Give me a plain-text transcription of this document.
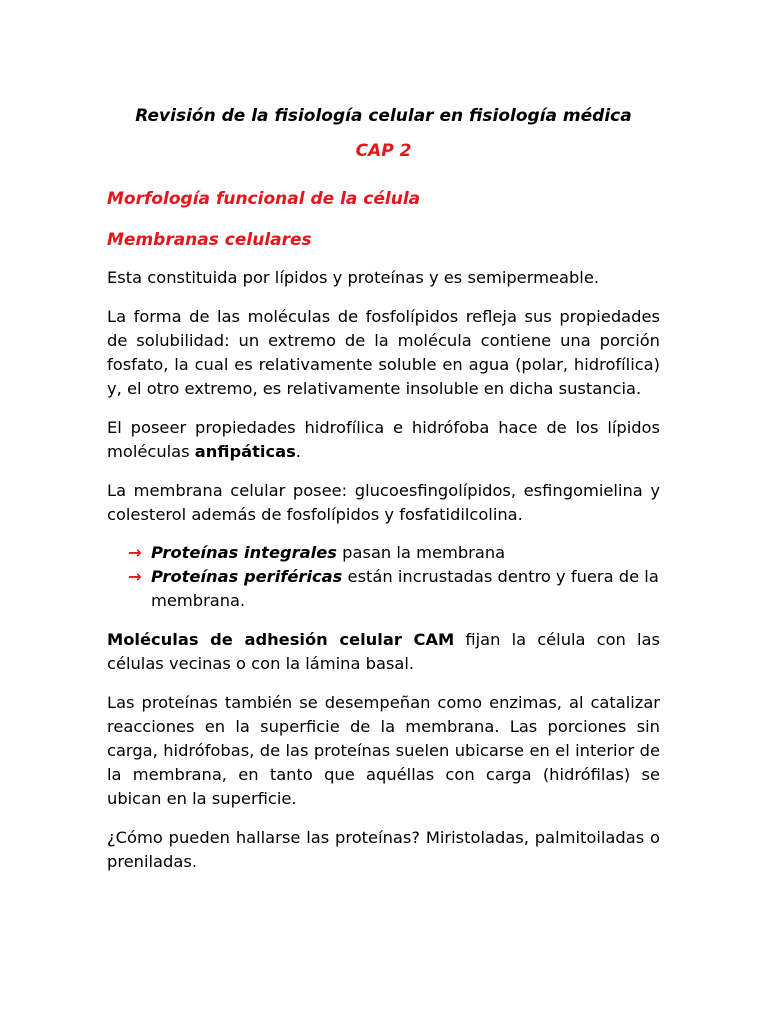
Revisión de la fisiología celular en fisiología médica
CAP 2
Morfología funcional de la célula
Membranas celulares

Esta constituida por lípidos y proteínas y es semipermeable.

La forma de las moléculas de fosfolípidos refleja sus propiedades de solubilidad: un extremo de la molécula contiene una porción fosfato, la cual es relativamente soluble en agua (polar, hidrofílica) y, el otro extremo, es relativamente insoluble en dicha sustancia.

El poseer propiedades hidrofílica e hidrófoba hace de los lípidos moléculas anfipáticas.

La membrana celular posee: glucoesfingolípidos, esfingomielina y colesterol además de fosfolípidos y fosfatidilcolina.

→ Proteínas integrales pasan la membrana
→ Proteínas periféricas están incrustadas dentro y fuera de la membrana.

Moléculas de adhesión celular CAM fijan la célula con las células vecinas o con la lámina basal.

Las proteínas también se desempeñan como enzimas, al catalizar reacciones en la superficie de la membrana. Las porciones sin carga, hidrófobas, de las proteínas suelen ubicarse en el interior de la membrana, en tanto que aquéllas con carga (hidrófilas) se ubican en la superficie.

¿Cómo pueden hallarse las proteínas? Miristoladas, palmitoiladas o preniladas.
